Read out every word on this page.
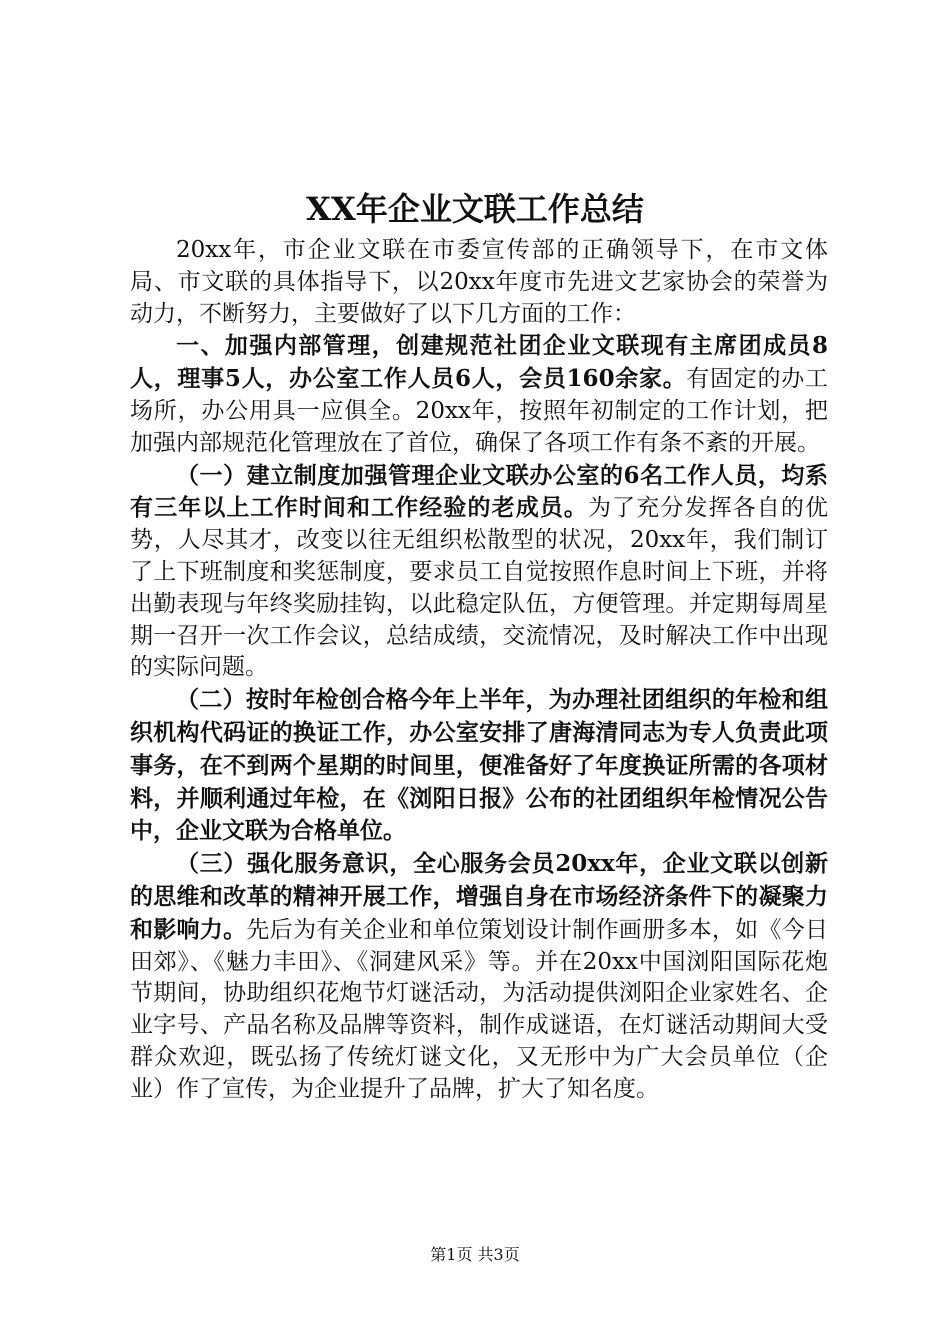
XX年企业文联工作总结

20xx年，市企业文联在市委宣传部的正确领导下，在市文体局、市文联的具体指导下，以20xx年度市先进文艺家协会的荣誉为动力，不断努力，主要做好了以下几方面的工作：

一、加强内部管理，创建规范社团企业文联现有主席团成员8人，理事5人，办公室工作人员6人，会员160余家。有固定的办工场所，办公用具一应俱全。20xx年，按照年初制定的工作计划，把加强内部规范化管理放在了首位，确保了各项工作有条不紊的开展。

（一）建立制度加强管理企业文联办公室的6名工作人员，均系有三年以上工作时间和工作经验的老成员。为了充分发挥各自的优势，人尽其才，改变以往无组织松散型的状况，20xx年，我们制订了上下班制度和奖惩制度，要求员工自觉按照作息时间上下班，并将出勤表现与年终奖励挂钩，以此稳定队伍，方便管理。并定期每周星期一召开一次工作会议，总结成绩，交流情况，及时解决工作中出现的实际问题。

（二）按时年检创合格今年上半年，为办理社团组织的年检和组织机构代码证的换证工作，办公室安排了唐海清同志为专人负责此项事务，在不到两个星期的时间里，便准备好了年度换证所需的各项材料，并顺利通过年检，在《浏阳日报》公布的社团组织年检情况公告中，企业文联为合格单位。

（三）强化服务意识，全心服务会员20xx年，企业文联以创新的思维和改革的精神开展工作，增强自身在市场经济条件下的凝聚力和影响力。先后为有关企业和单位策划设计制作画册多本，如《今日田郊》、《魅力丰田》、《洞建风采》等。并在20xx中国浏阳国际花炮节期间，协助组织花炮节灯谜活动，为活动提供浏阳企业家姓名、企业字号、产品名称及品牌等资料，制作成谜语，在灯谜活动期间大受群众欢迎，既弘扬了传统灯谜文化，又无形中为广大会员单位（企业）作了宣传，为企业提升了品牌，扩大了知名度。

第1页 共3页
